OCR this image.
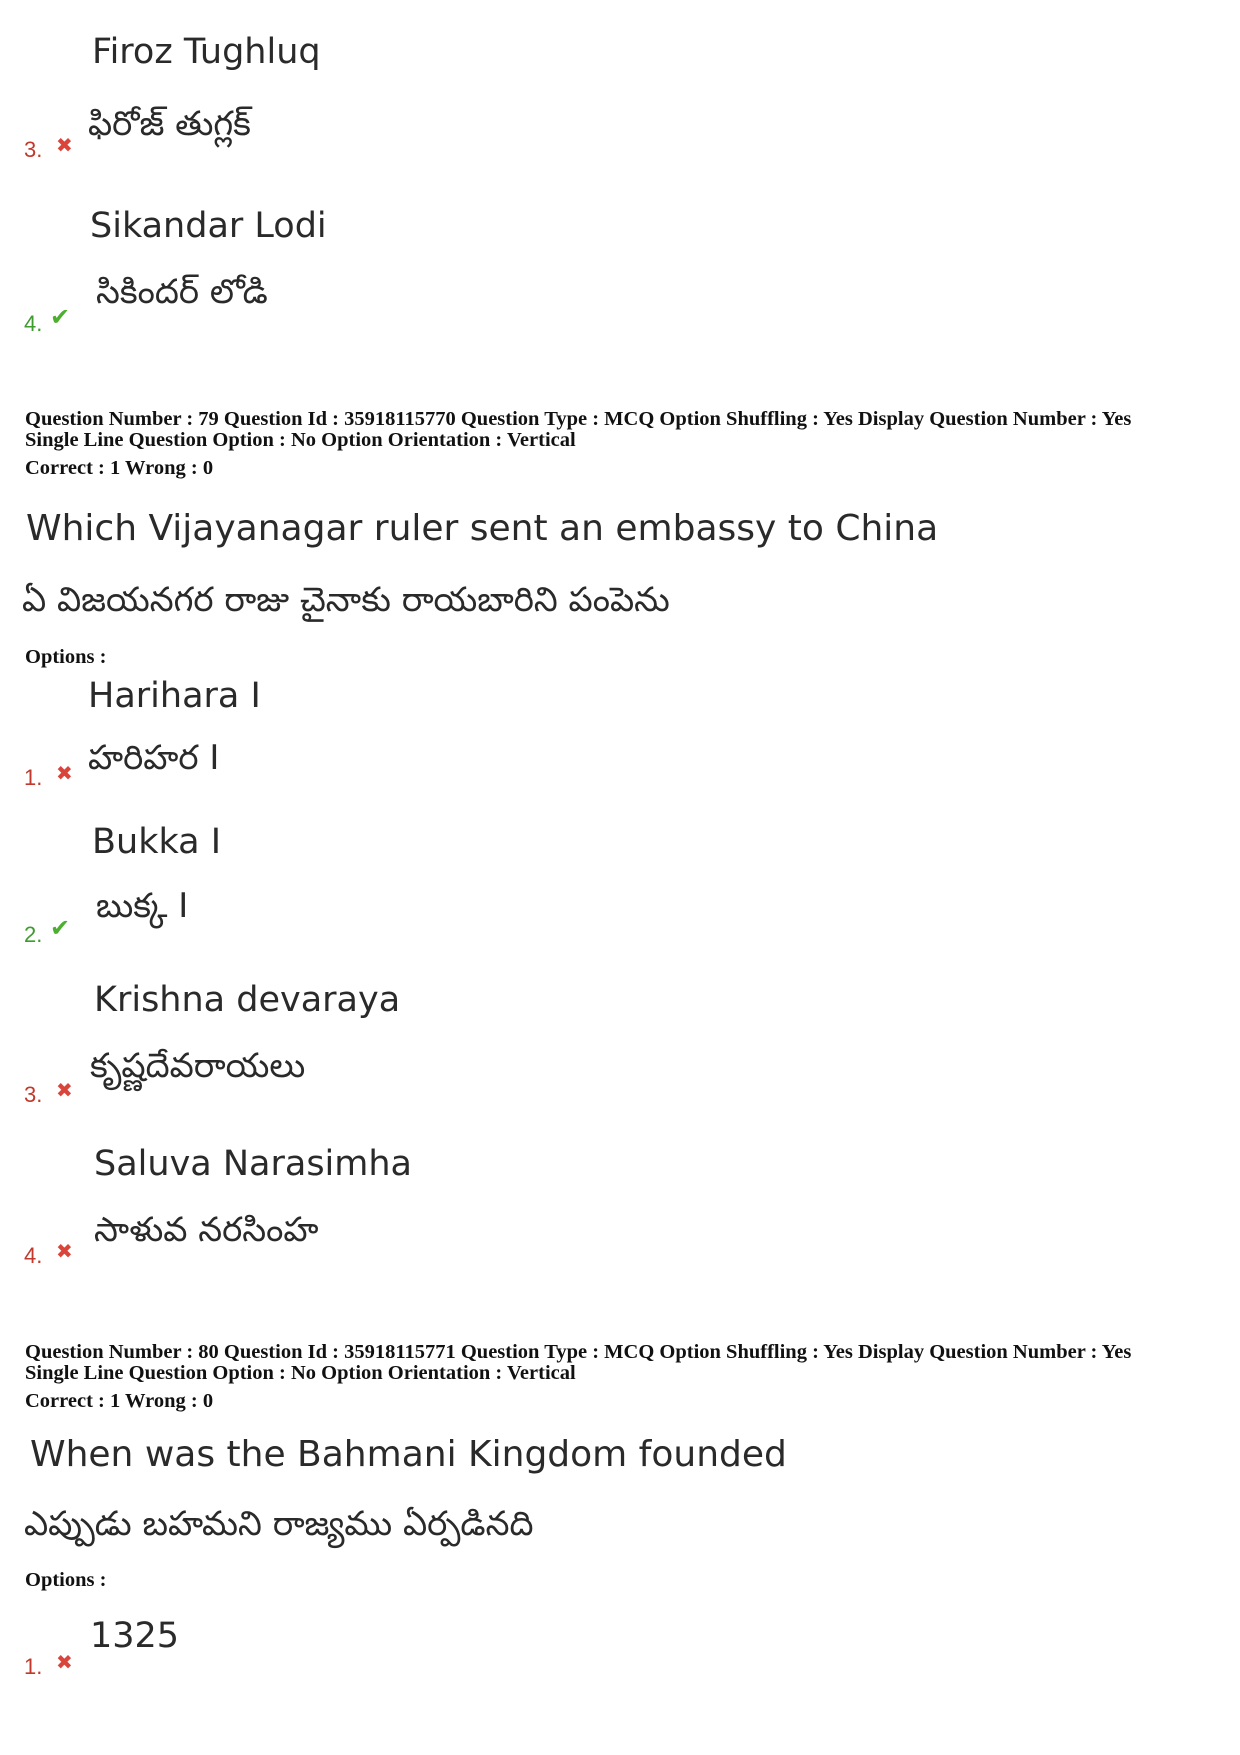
Firoz Tughluq
ఫిరోజ్ తుగ్లక్
3. ✖
Sikandar Lodi
సికిందర్ లోడి
4. ✔
Question Number : 79 Question Id : 35918115770 Question Type : MCQ Option Shuffling : Yes Display Question Number : Yes
Single Line Question Option : No Option Orientation : Vertical
Correct : 1 Wrong : 0
Which Vijayanagar ruler sent an embassy to China
ఏ విజయనగర రాజు చైనాకు రాయబారిని పంపెను
Options :
Harihara I
హరిహర I
1. ✖
Bukka I
బుక్క I
2. ✔
Krishna devaraya
కృష్ణదేవరాయలు
3. ✖
Saluva Narasimha
సాళువ నరసింహ
4. ✖
Question Number : 80 Question Id : 35918115771 Question Type : MCQ Option Shuffling : Yes Display Question Number : Yes
Single Line Question Option : No Option Orientation : Vertical
Correct : 1 Wrong : 0
When was the Bahmani Kingdom founded
ఎప్పుడు బహమని రాజ్యము ఏర్పడినది
Options :
1325
1. ✖
